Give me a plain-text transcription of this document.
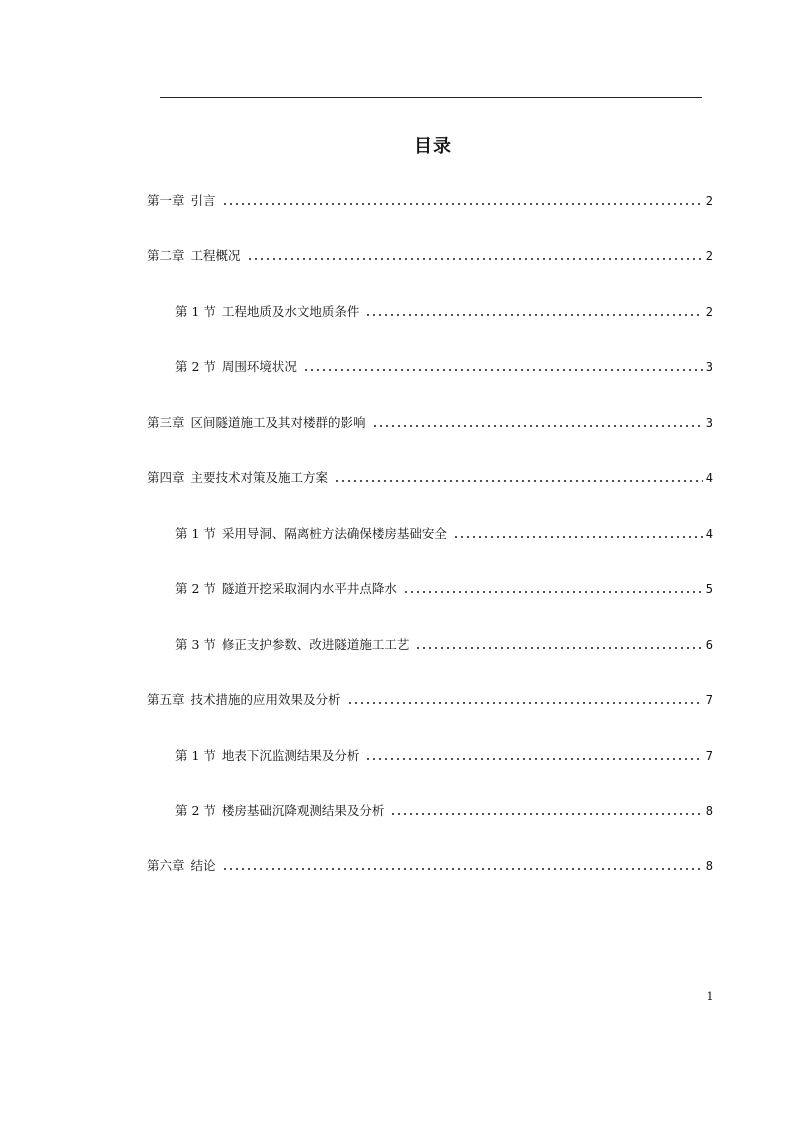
目录
第一章 引言	2
第二章 工程概况	2
第 1 节 工程地质及水文地质条件	2
第 2 节 周围环境状况	3
第三章 区间隧道施工及其对楼群的影响	3
第四章 主要技术对策及施工方案	4
第 1 节 采用导洞、隔离桩方法确保楼房基础安全	4
第 2 节 隧道开挖采取洞内水平井点降水	5
第 3 节 修正支护参数、改进隧道施工工艺	6
第五章 技术措施的应用效果及分析	7
第 1 节 地表下沉监测结果及分析	7
第 2 节 楼房基础沉降观测结果及分析	8
第六章 结论	8
1
